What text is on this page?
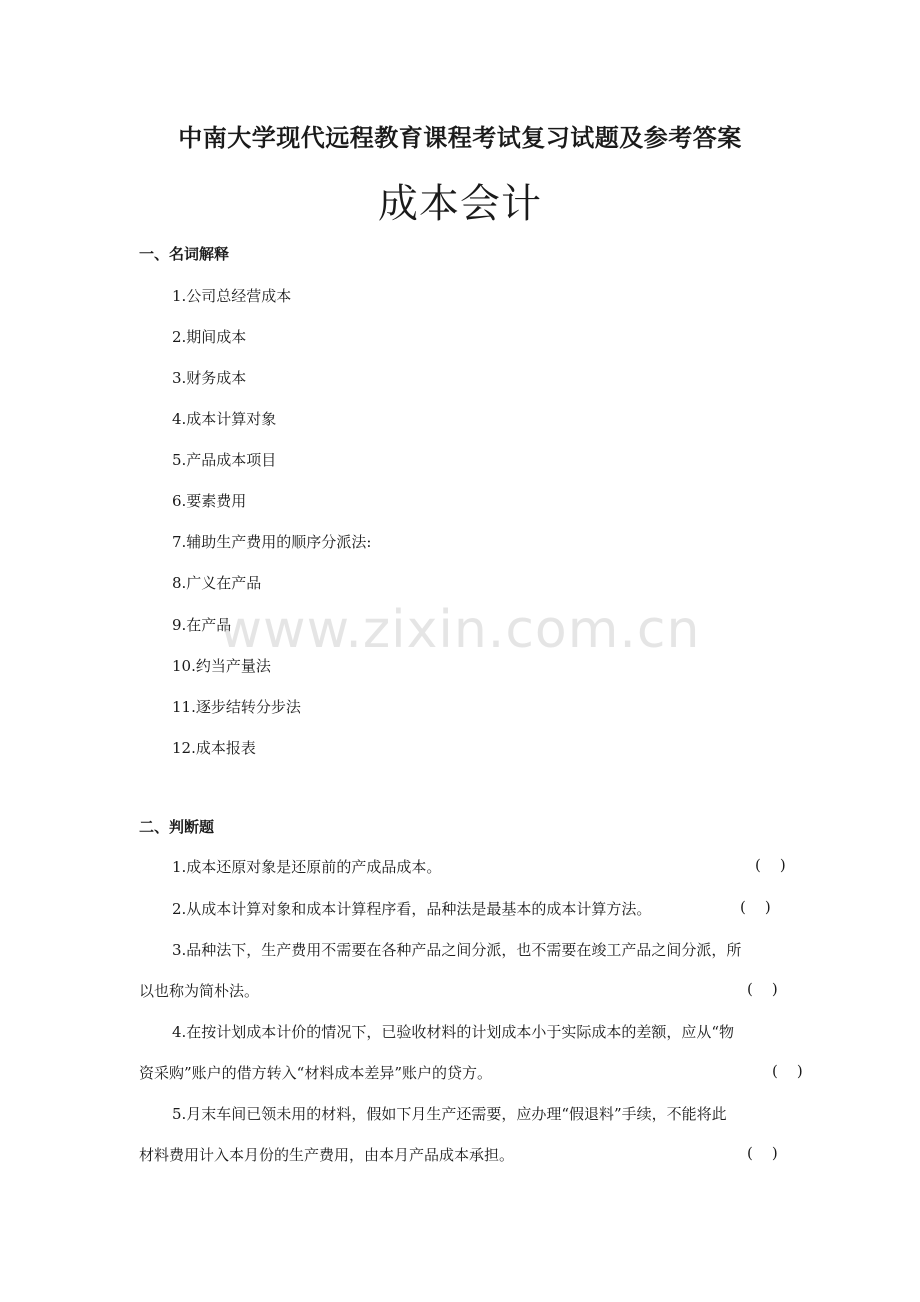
中南大学现代远程教育课程考试复习试题及参考答案
成本会计
一、名词解释
1.公司总经营成本
2.期间成本
3.财务成本
4.成本计算对象
5.产品成本项目
6.要素费用
7.辅助生产费用的顺序分派法:
8.广义在产品
9.在产品
10.约当产量法
11.逐步结转分步法
12.成本报表
二、判断题
1.成本还原对象是还原前的产成品成本。	(    )
2.从成本计算对象和成本计算程序看，品种法是最基本的成本计算方法。	(    )
3.品种法下，生产费用不需要在各种产品之间分派，也不需要在竣工产品之间分派，所
以也称为简朴法。	(    )
4.在按计划成本计价的情况下，已验收材料的计划成本小于实际成本的差额，应从“物
资采购”账户的借方转入“材料成本差异”账户的贷方。	(    )
5.月末车间已领未用的材料，假如下月生产还需要，应办理“假退料”手续，不能将此
材料费用计入本月份的生产费用，由本月产品成本承担。	(    )
www.zixin.com.cn
